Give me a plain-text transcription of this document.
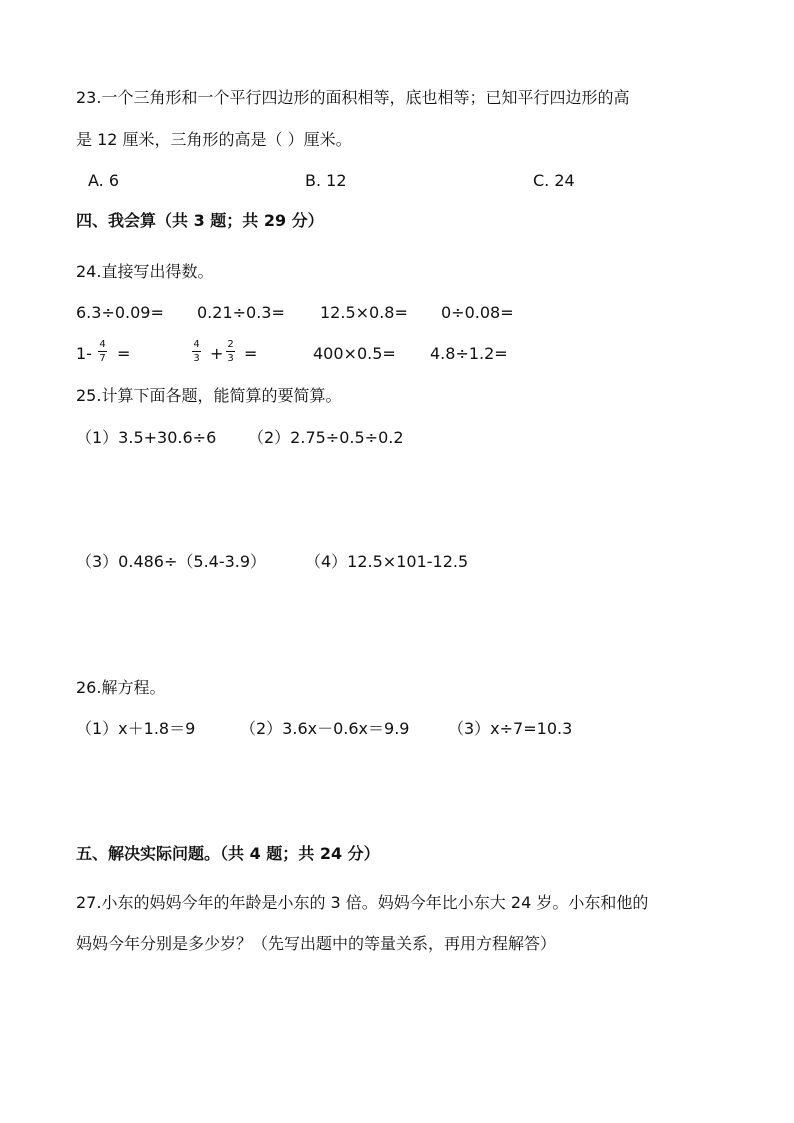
23.一个三角形和一个平行四边形的面积相等，底也相等；已知平行四边形的高
是 12 厘米，三角形的高是（ ）厘米。
A. 6	B. 12	C. 24
四、我会算（共 3 题；共 29 分）
24.直接写出得数。
6.3÷0.09= 0.21÷0.3= 12.5×0.8= 0÷0.08=
1- 4
7 =	4
3 + 2
3 =	400×0.5= 4.8÷1.2=
25.计算下面各题，能简算的要简算。
（1）3.5+30.6÷6 （2）2.75÷0.5÷0.2
（3）0.486÷（5.4-3.9） （4）12.5×101-12.5
26.解方程。
（1）x＋1.8＝9	（2）3.6x－0.6x＝9.9 （3）x÷7=10.3
五、解决实际问题。（共 4 题；共 24 分）
27.小东的妈妈今年的年龄是小东的 3 倍。妈妈今年比小东大 24 岁。小东和他的
妈妈今年分别是多少岁？（先写出题中的等量关系，再用方程解答）
